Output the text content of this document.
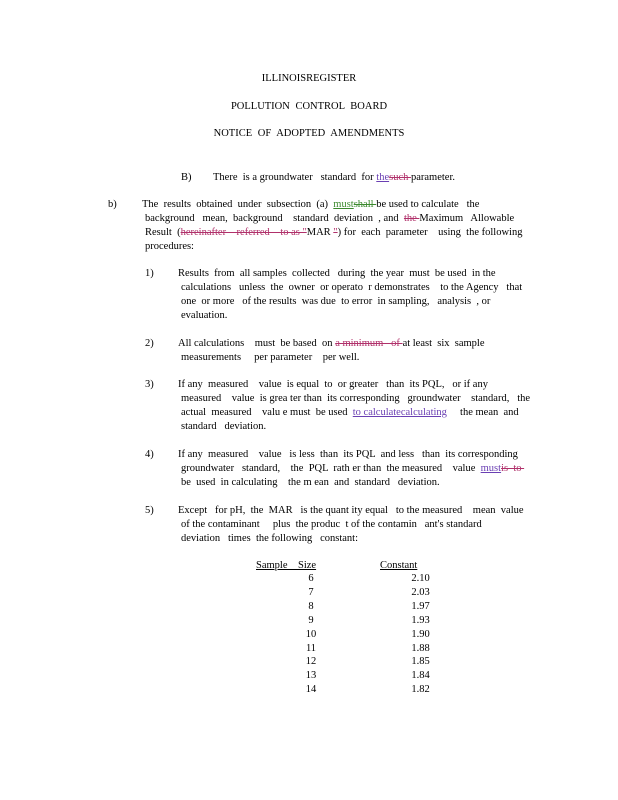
ILLINOISREGISTER
POLLUTION CONTROL BOARD
NOTICE OF ADOPTED AMENDMENTS
B) There  is a groundwater   standard  for thesuch parameter.
b) The  results  obtained  under  subsection  (a)  mustshall be used to calculate   the
background   mean,  background    standard  deviation  , and  the Maximum   Allowable
Result  (hereinafter    referred    to as "MAR ") for  each  parameter    using  the following
procedures:
1) Results  from  all samples  collected   during  the year  must  be used  in the
calculations   unless  the  owner  or operato  r demonstrates    to the Agency   that
one  or more   of the results  was due  to error  in sampling,   analysis  , or
evaluation.
2) All calculations    must  be based  on a minimum   of at least  six  sample
measurements     per parameter    per well.
3) If any  measured    value  is equal  to  or greater   than  its PQL,   or if any
measured    value  is grea ter than  its corresponding   groundwater    standard,   the
actual  measured    valu e must  be used  to calculatecalculating     the mean  and
standard   deviation.
4) If any  measured    value   is less  than  its PQL  and less   than  its corresponding
groundwater   standard,    the  PQL  rath er than  the measured    value  mustis  to
be  used  in calculating    the m ean  and  standard   deviation.
5) Except   for pH,  the  MAR   is the quant ity equal   to the measured    mean  value
of the contaminant     plus  the produc  t of the contamin   ant's standard
deviation   times  the following   constant:
Sample    Size	Constant
6	2.10
7	2.03
8	1.97
9	1.93
10	1.90
11	1.88
12	1.85
13	1.84
14	1.82
